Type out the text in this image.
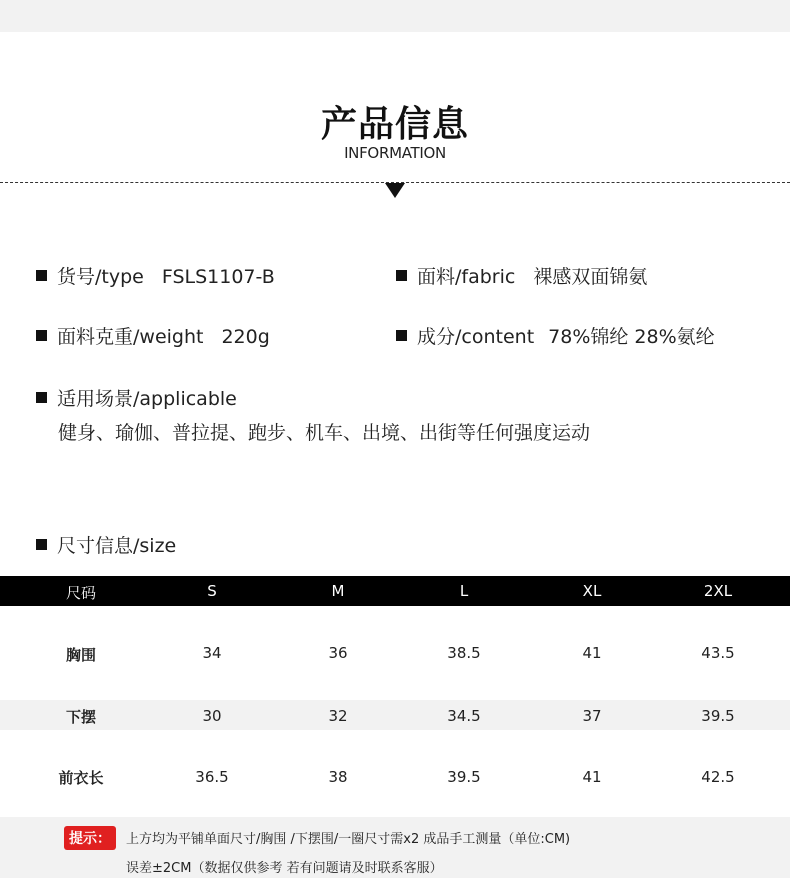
产品信息
INFORMATION
货号/type FSLS1107-B	面料/fabric 裸感双面锦氨
面料克重/weight 220g	成分/content 78%锦纶 28%氨纶
适用场景/applicable
健身、瑜伽、普拉提、跑步、机车、出境、出街等任何强度运动
尺寸信息/size
尺码	S	M	L	XL	2XL
胸围	34	36	38.5	41	43.5
下摆	30	32	34.5	37	39.5
前衣长	36.5	38	39.5	41	42.5
提示：	上方均为平铺单面尺寸/胸围 /下摆围/一圈尺寸需x2 成品手工测量（单位:CM)
误差±2CM（数据仅供参考 若有问题请及时联系客服）
